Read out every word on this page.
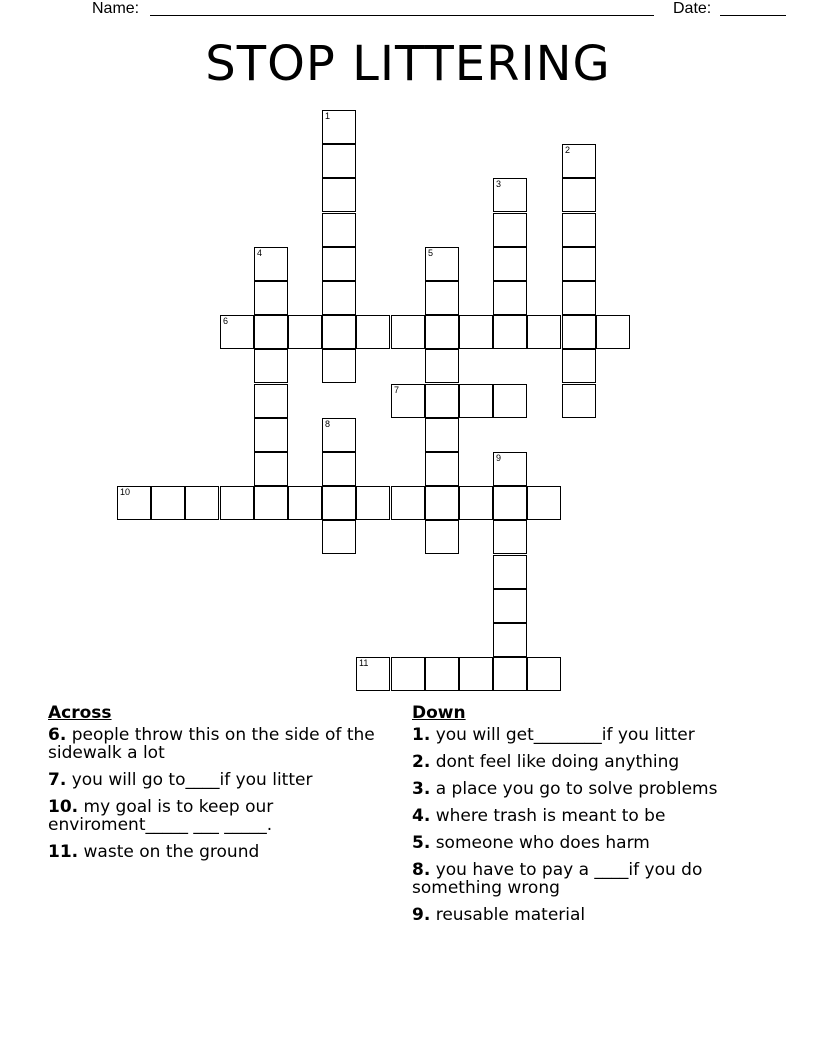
Name:	Date:
STOP LITTERING
1
2
3
4	5
6
7
8
9
10
11
Across
6. people throw this on the side of the sidewalk a lot
7. you will go to____if you litter
10. my goal is to keep our enviroment_____ ___ _____.
11. waste on the ground
Down
1. you will get________if you litter
2. dont feel like doing anything
3. a place you go to solve problems
4. where trash is meant to be
5. someone who does harm
8. you have to pay a ____if you do something wrong
9. reusable material
